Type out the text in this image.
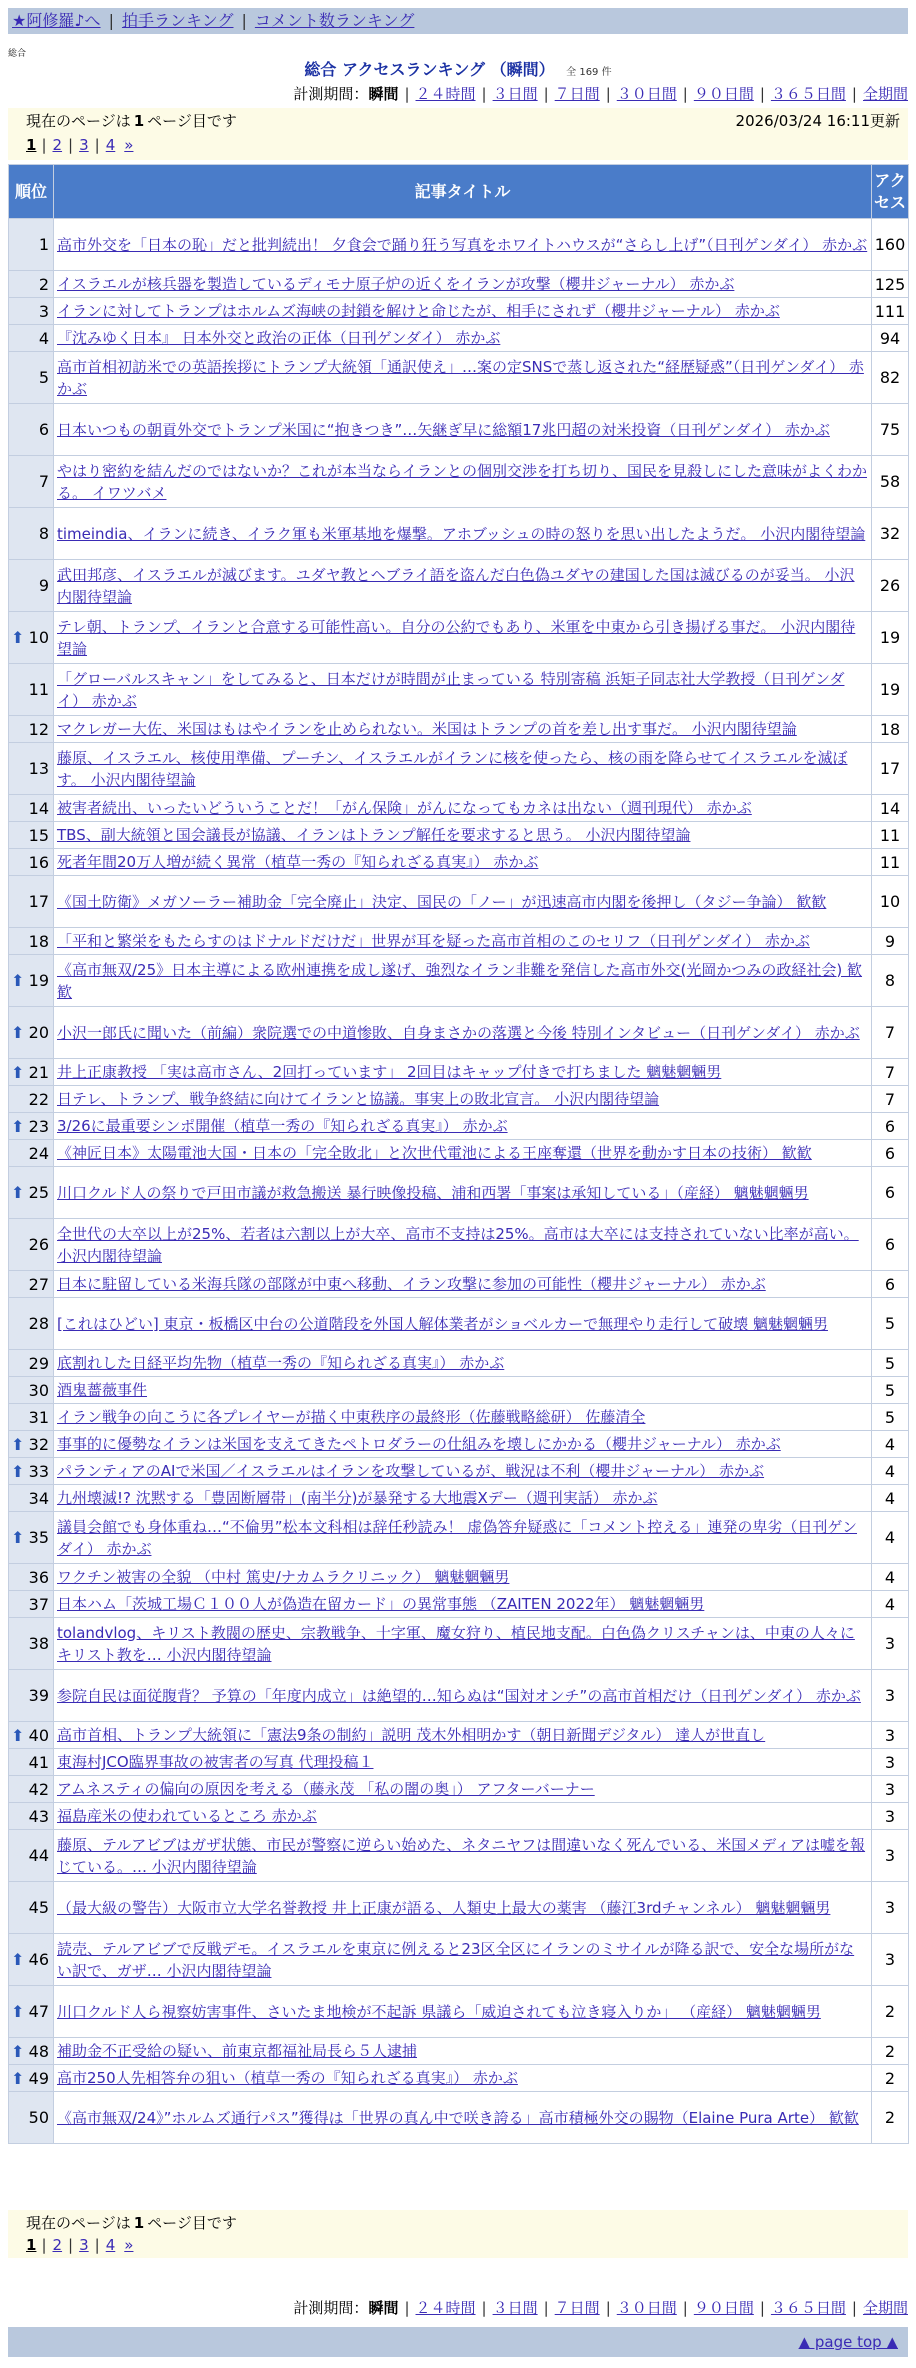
★阿修羅♪へ | 拍手ランキング | コメント数ランキング
総合
総合 アクセスランキング （瞬間） 全 169 件
計測期間：瞬間 | ２４時間 | ３日間 | ７日間 | ３０日間 | ９０日間 | ３６５日間 | 全期間
現在のページは 1 ページ目です	2026/03/24 16:11更新
1 | 2 | 3 | 4 »
順位	記事タイトル	アクセス
1	高市外交を「日本の恥」だと批判続出！ 夕食会で踊り狂う写真をホワイトハウスが“さらし上げ”（日刊ゲンダイ） 赤かぶ	160
2	イスラエルが核兵器を製造しているディモナ原子炉の近くをイランが攻撃（櫻井ジャーナル） 赤かぶ	125
3	イランに対してトランプはホルムズ海峡の封鎖を解けと命じたが、相手にされず（櫻井ジャーナル） 赤かぶ	111
4	『沈みゆく日本』 日本外交と政治の正体（日刊ゲンダイ） 赤かぶ	94
5	高市首相初訪米での英語挨拶にトランプ大統領「通訳使え」…案の定SNSで蒸し返された“経歴疑惑”（日刊ゲンダイ） 赤かぶ	82
6	日本いつもの朝貢外交でトランプ米国に“抱きつき”…矢継ぎ早に総額17兆円超の対米投資（日刊ゲンダイ） 赤かぶ	75
7	やはり密約を結んだのではないか？これが本当ならイランとの個別交渉を打ち切り、国民を見殺しにした意味がよくわかる。 イワツバメ	58
8	timeindia、イランに続き、イラク軍も米軍基地を爆撃。アホブッシュの時の怒りを思い出したようだ。 小沢内閣待望論	32
9	武田邦彦、イスラエルが滅びます。ユダヤ教とヘブライ語を盗んだ白色偽ユダヤの建国した国は滅びるのが妥当。 小沢内閣待望論	26

⬆ 10	テレ朝、トランプ、イランと合意する可能性高い。自分の公約でもあり、米軍を中東から引き揚げる事だ。 小沢内閣待望論	19
11	「グローバルスキャン」をしてみると、日本だけが時間が止まっている 特別寄稿 浜矩子同志社大学教授（日刊ゲンダイ） 赤かぶ	19
12	マクレガー大佐、米国はもはやイランを止められない。米国はトランプの首を差し出す事だ。 小沢内閣待望論	18
13	藤原、イスラエル、核使用準備、プーチン、イスラエルがイランに核を使ったら、核の雨を降らせてイスラエルを滅ぼす。 小沢内閣待望論	17
14	被害者続出、いったいどういうことだ！「がん保険」がんになってもカネは出ない（週刊現代） 赤かぶ	14
15	TBS、副大統領と国会議長が協議、イランはトランプ解任を要求すると思う。 小沢内閣待望論	11
16	死者年間20万人増が続く異常（植草一秀の『知られざる真実』） 赤かぶ	11
17	《国土防衛》メガソーラー補助金「完全廃止」決定、国民の「ノー」が迅速高市内閣を後押し（タジー争論） 歓歓	10
18	「平和と繁栄をもたらすのはドナルドだけだ」世界が耳を疑った高市首相のこのセリフ（日刊ゲンダイ） 赤かぶ	9

⬆ 19	《高市無双/25》日本主導による欧州連携を成し遂げ、強烈なイラン非難を発信した高市外交(光岡かつみの政経社会) 歓歓	8

⬆ 20	小沢一郎氏に聞いた（前編）衆院選での中道惨敗、自身まさかの落選と今後 特別インタビュー（日刊ゲンダイ） 赤かぶ	7

⬆ 21	井上正康教授 「実は高市さん、2回打っています」 2回目はキャップ付きで打ちました 魑魅魍魎男	7
22	日テレ、トランプ、戦争終結に向けてイランと協議。事実上の敗北宣言。 小沢内閣待望論	7

⬆ 23	3/26に最重要シンポ開催（植草一秀の『知られざる真実』） 赤かぶ	6
24	《神匠日本》太陽電池大国・日本の「完全敗北」と次世代電池による王座奪還（世界を動かす日本の技術） 歓歓	6

⬆ 25	川口クルド人の祭りで戸田市議が救急搬送 暴行映像投稿、浦和西署「事案は承知している」（産経） 魑魅魍魎男	6
26	全世代の大卒以上が25%、若者は六割以上が大卒、高市不支持は25%。高市は大卒には支持されていない比率が高い。 小沢内閣待望論	6
27	日本に駐留している米海兵隊の部隊が中東へ移動、イラン攻撃に参加の可能性（櫻井ジャーナル） 赤かぶ	6
28	[これはひどい] 東京・板橋区中台の公道階段を外国人解体業者がショベルカーで無理やり走行して破壊 魑魅魍魎男	5
29	底割れした日経平均先物（植草一秀の『知られざる真実』） 赤かぶ	5
30	酒鬼薔薇事件	5
31	イラン戦争の向こうに各プレイヤーが描く中東秩序の最終形（佐藤戦略総研） 佐藤清全	5

⬆ 32	事事的に優勢なイランは米国を支えてきたペトロダラーの仕組みを壊しにかかる（櫻井ジャーナル） 赤かぶ	4

⬆ 33	パランティアのAIで米国／イスラエルはイランを攻撃しているが、戦況は不利（櫻井ジャーナル） 赤かぶ	4
34	九州壊滅!? 沈黙する「豊固断層帯」(南半分)が暴発する大地震Xデー（週刊実話） 赤かぶ	4

⬆ 35	議員会館でも身体重ね…“不倫男”松本文科相は辞任秒読み！ 虚偽答弁疑惑に「コメント控える」連発の卑劣（日刊ゲンダイ） 赤かぶ	4
36	ワクチン被害の全貌 （中村 篤史/ナカムラクリニック） 魑魅魍魎男	4
37	日本ハム「茨城工場Ｃ１００人が偽造在留カード」の異常事態 （ZAITEN 2022年） 魑魅魍魎男	4
38	tolandvlog、キリスト教閥の歴史、宗教戦争、十字軍、魔女狩り、植民地支配。白色偽クリスチャンは、中東の人々にキリスト教を… 小沢内閣待望論	3
39	参院自民は面従腹背？ 予算の「年度内成立」は絶望的…知らぬは“国対オンチ”の高市首相だけ（日刊ゲンダイ） 赤かぶ	3

⬆ 40	高市首相、トランプ大統領に「憲法9条の制約」説明 茂木外相明かす（朝日新聞デジタル） 達人が世直し	3
41	東海村JCO臨界事故の被害者の写真 代理投稿１	3
42	アムネスティの偏向の原因を考える（藤永茂 「私の闇の奥」） アフターバーナー	3
43	福島産米の使われているところ 赤かぶ	3
44	藤原、テルアビブはガザ状態、市民が警察に逆らい始めた、ネタニヤフは間違いなく死んでいる、米国メディアは嘘を報じている。… 小沢内閣待望論	3
45	（最大級の警告）大阪市立大学名誉教授 井上正康が語る、人類史上最大の薬害 （藤江3rdチャンネル） 魑魅魍魎男	3

⬆ 46	読売、テルアビブで反戦デモ。イスラエルを東京に例えると23区全区にイランのミサイルが降る訳で、安全な場所がない訳で、ガザ… 小沢内閣待望論	3

⬆ 47	川口クルド人ら視察妨害事件、さいたま地検が不起訴 県議ら「威迫されても泣き寝入りか」 （産経） 魑魅魍魎男	2

⬆ 48	補助金不正受給の疑い、前東京都福祉局長ら５人逮捕	2

⬆ 49	高市250人先相答弁の狙い（植草一秀の『知られざる真実』） 赤かぶ	2
50	《高市無双/24》”ホルムズ通行パス”獲得は「世界の真ん中で咲き誇る」高市積極外交の賜物（Elaine Pura Arte） 歓歓	2
計測期間：瞬間 | ２４時間 | ３日間 | ７日間 | ３０日間 | ９０日間 | ３６５日間 | 全期間
現在のページは 1 ページ目です
1 | 2 | 3 | 4 »
▲ page top ▲
